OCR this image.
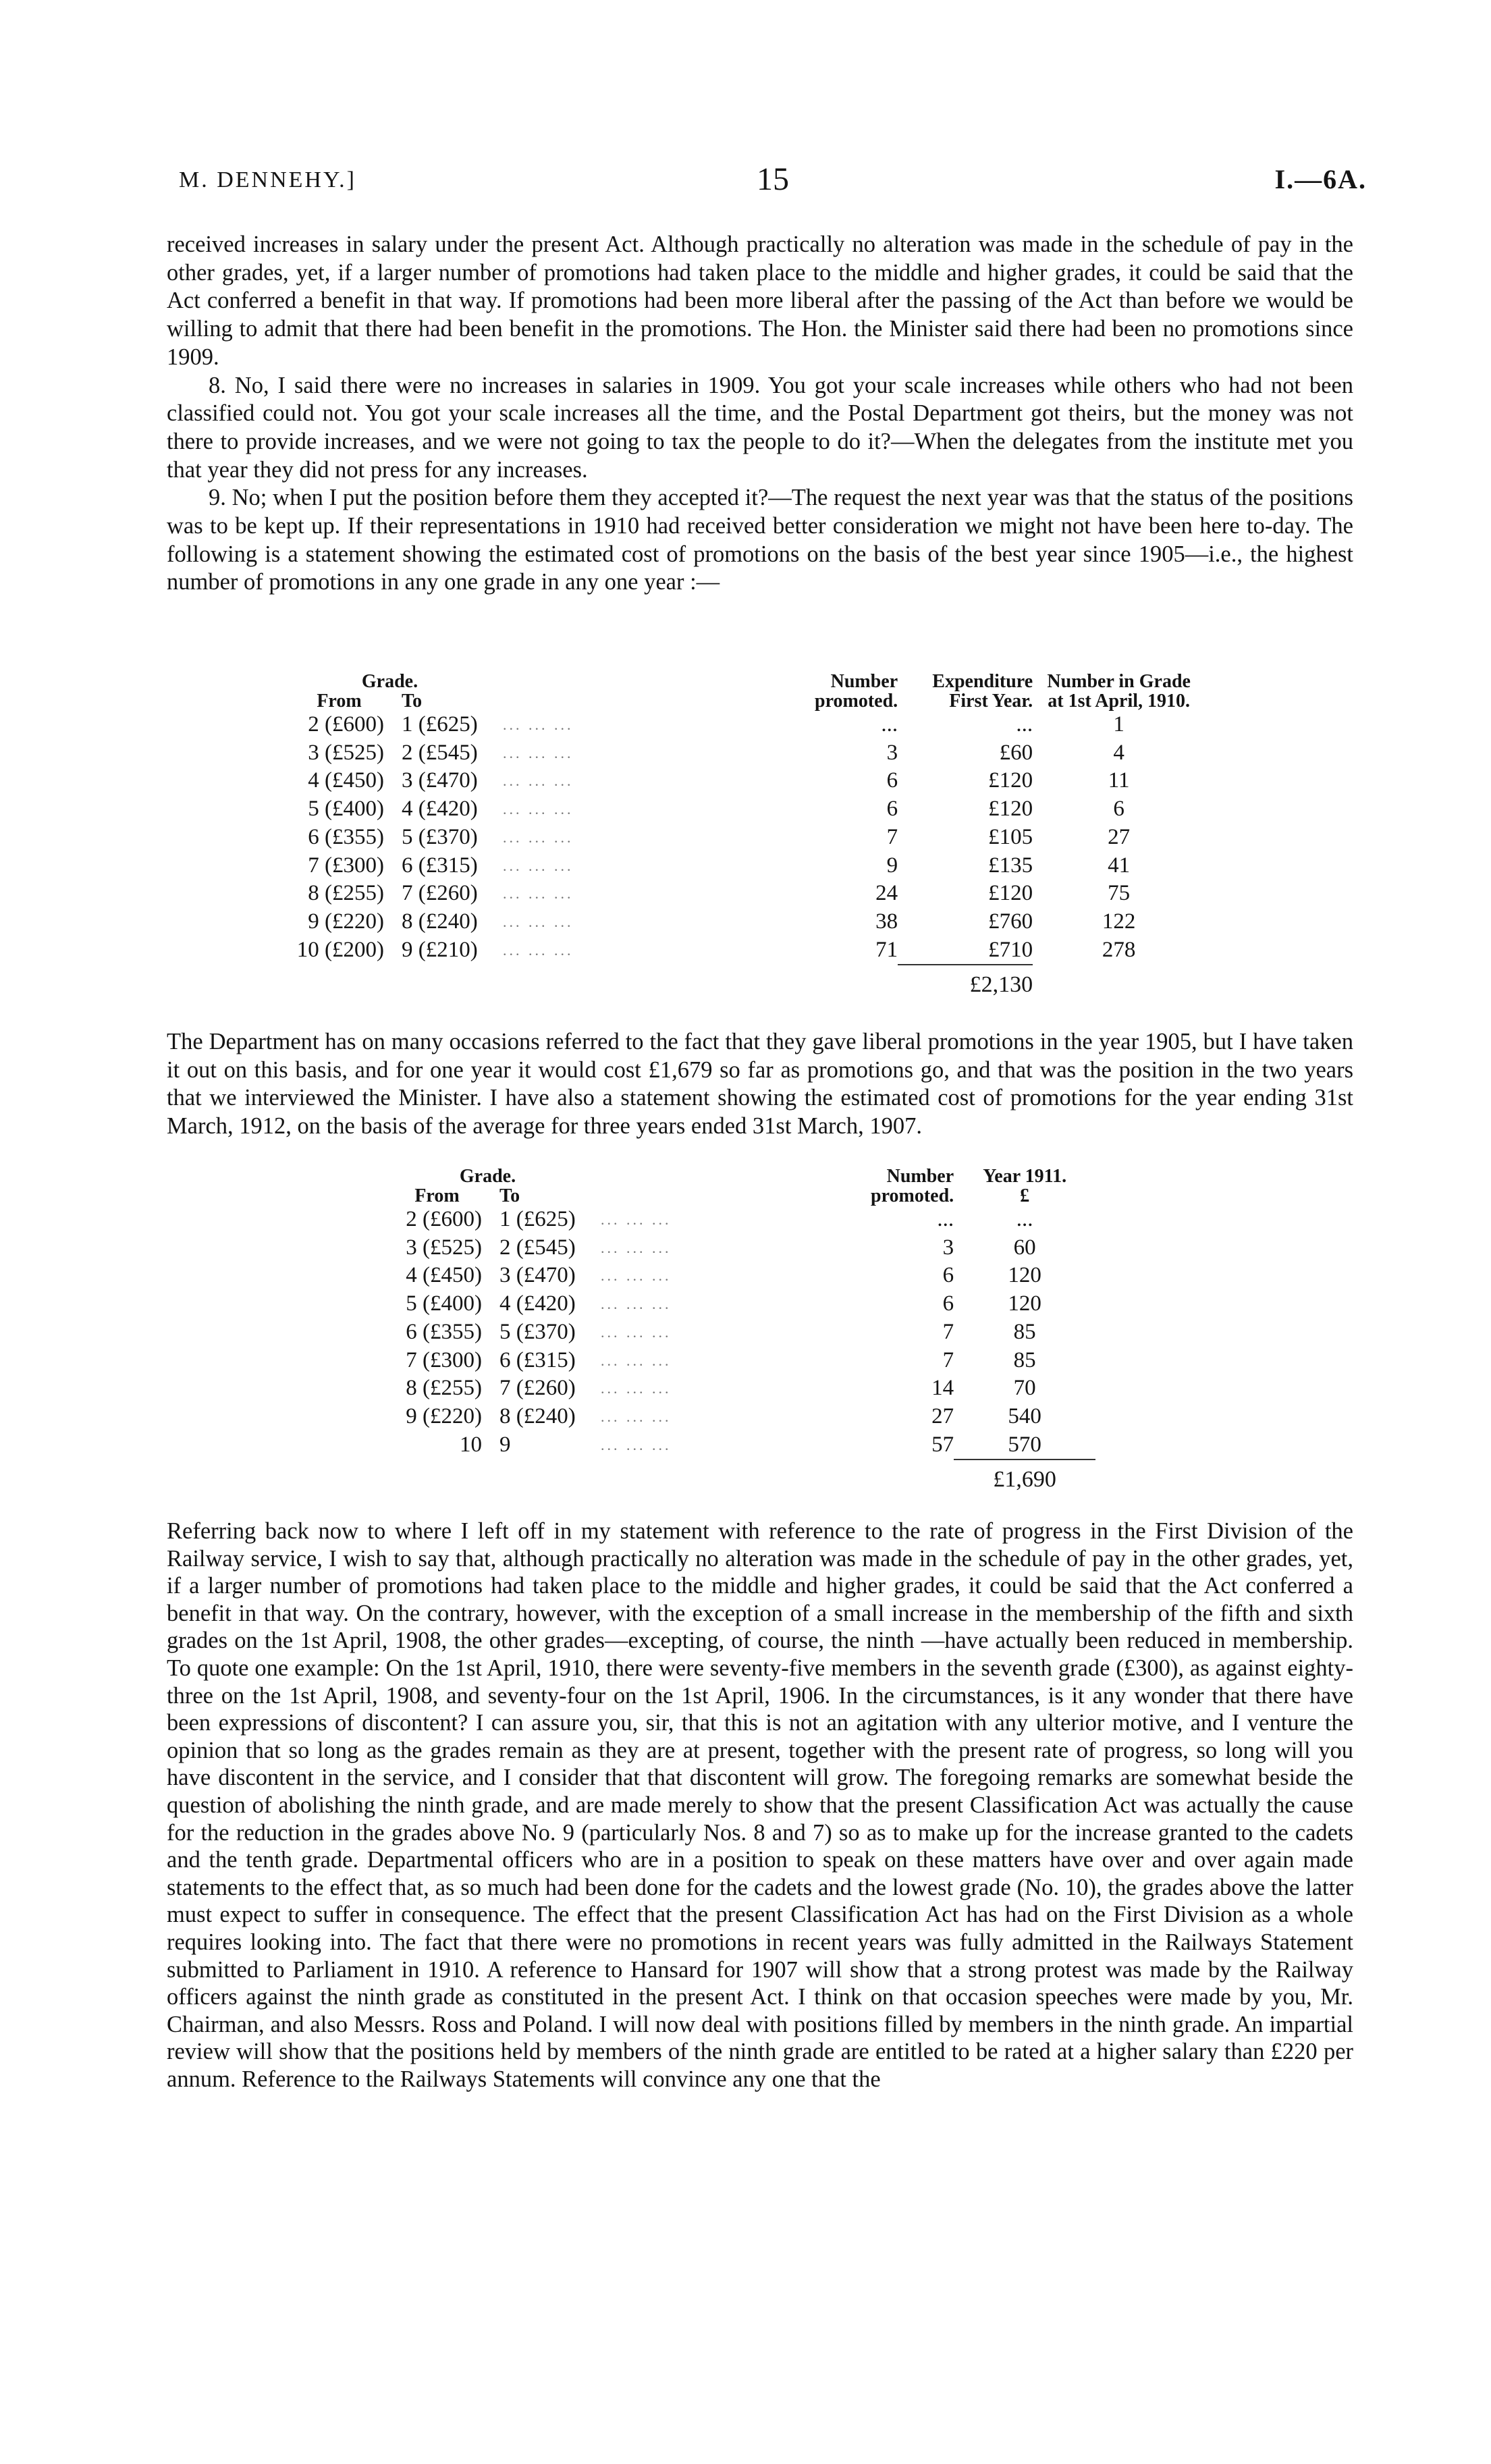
M. DENNEHY.]	15	I.—6A.

received increases in salary under the present Act. Although practically no alteration was made in the schedule of pay in the other grades, yet, if a larger number of promotions had taken place to the middle and higher grades, it could be said that the Act conferred a benefit in that way. If promotions had been more liberal after the passing of the Act than before we would be willing to admit that there had been benefit in the promotions. The Hon. the Minister said there had been no promotions since 1909.

8. No, I said there were no increases in salaries in 1909. You got your scale increases while others who had not been classified could not. You got your scale increases all the time, and the Postal Department got theirs, but the money was not there to provide increases, and we were not going to tax the people to do it?—When the delegates from the institute met you that year they did not press for any increases.

9. No; when I put the position before them they accepted it?—The request the next year was that the status of the positions was to be kept up. If their representations in 1910 had received better consideration we might not have been here to-day. The following is a statement showing the estimated cost of promotions on the basis of the best year since 1905—i.e., the highest number of promotions in any one grade in any one year :—

Grade.			Number	Expenditure	Number in Grade
From	To		promoted.	First Year.	at 1st April, 1910.
2 (£600)	1 (£625)	... ... ...	...	...	1
3 (£525)	2 (£545)	... ... ...	3	£60	4
4 (£450)	3 (£470)	... ... ...	6	£120	11
5 (£400)	4 (£420)	... ... ...	6	£120	6
6 (£355)	5 (£370)	... ... ...	7	£105	27
7 (£300)	6 (£315)	... ... ...	9	£135	41
8 (£255)	7 (£260)	... ... ...	24	£120	75
9 (£220)	8 (£240)	... ... ...	38	£760	122
10 (£200)	9 (£210)	... ... ...	71	£710	278
				£2,130	

The Department has on many occasions referred to the fact that they gave liberal promotions in the year 1905, but I have taken it out on this basis, and for one year it would cost £1,679 so far as promotions go, and that was the position in the two years that we interviewed the Minister. I have also a statement showing the estimated cost of promotions for the year ending 31st March, 1912, on the basis of the average for three years ended 31st March, 1907.

Grade.			Number	Year 1911.
From	To		promoted.	£
2 (£600)	1 (£625)	... ... ...	...	...
3 (£525)	2 (£545)	... ... ...	3	60
4 (£450)	3 (£470)	... ... ...	6	120
5 (£400)	4 (£420)	... ... ...	6	120
6 (£355)	5 (£370)	... ... ...	7	85
7 (£300)	6 (£315)	... ... ...	7	85
8 (£255)	7 (£260)	... ... ...	14	70
9 (£220)	8 (£240)	... ... ...	27	540
10	9	... ... ...	57	570
				£1,690

Referring back now to where I left off in my statement with reference to the rate of progress in the First Division of the Railway service, I wish to say that, although practically no alteration was made in the schedule of pay in the other grades, yet, if a larger number of promotions had taken place to the middle and higher grades, it could be said that the Act conferred a benefit in that way. On the contrary, however, with the exception of a small increase in the membership of the fifth and sixth grades on the 1st April, 1908, the other grades—excepting, of course, the ninth —have actually been reduced in membership. To quote one example: On the 1st April, 1910, there were seventy-five members in the seventh grade (£300), as against eighty-three on the 1st April, 1908, and seventy-four on the 1st April, 1906. In the circumstances, is it any wonder that there have been expressions of discontent? I can assure you, sir, that this is not an agitation with any ulterior motive, and I venture the opinion that so long as the grades remain as they are at present, together with the present rate of progress, so long will you have discontent in the service, and I consider that that discontent will grow. The foregoing remarks are somewhat beside the question of abolishing the ninth grade, and are made merely to show that the present Classification Act was actually the cause for the reduction in the grades above No. 9 (particularly Nos. 8 and 7) so as to make up for the increase granted to the cadets and the tenth grade. Departmental officers who are in a position to speak on these matters have over and over again made statements to the effect that, as so much had been done for the cadets and the lowest grade (No. 10), the grades above the latter must expect to suffer in consequence. The effect that the present Classification Act has had on the First Division as a whole requires looking into. The fact that there were no promotions in recent years was fully admitted in the Railways Statement submitted to Parliament in 1910. A reference to Hansard for 1907 will show that a strong protest was made by the Railway officers against the ninth grade as constituted in the present Act. I think on that occasion speeches were made by you, Mr. Chairman, and also Messrs. Ross and Poland. I will now deal with positions filled by members in the ninth grade. An impartial review will show that the positions held by members of the ninth grade are entitled to be rated at a higher salary than £220 per annum. Reference to the Railways Statements will convince any one that the
